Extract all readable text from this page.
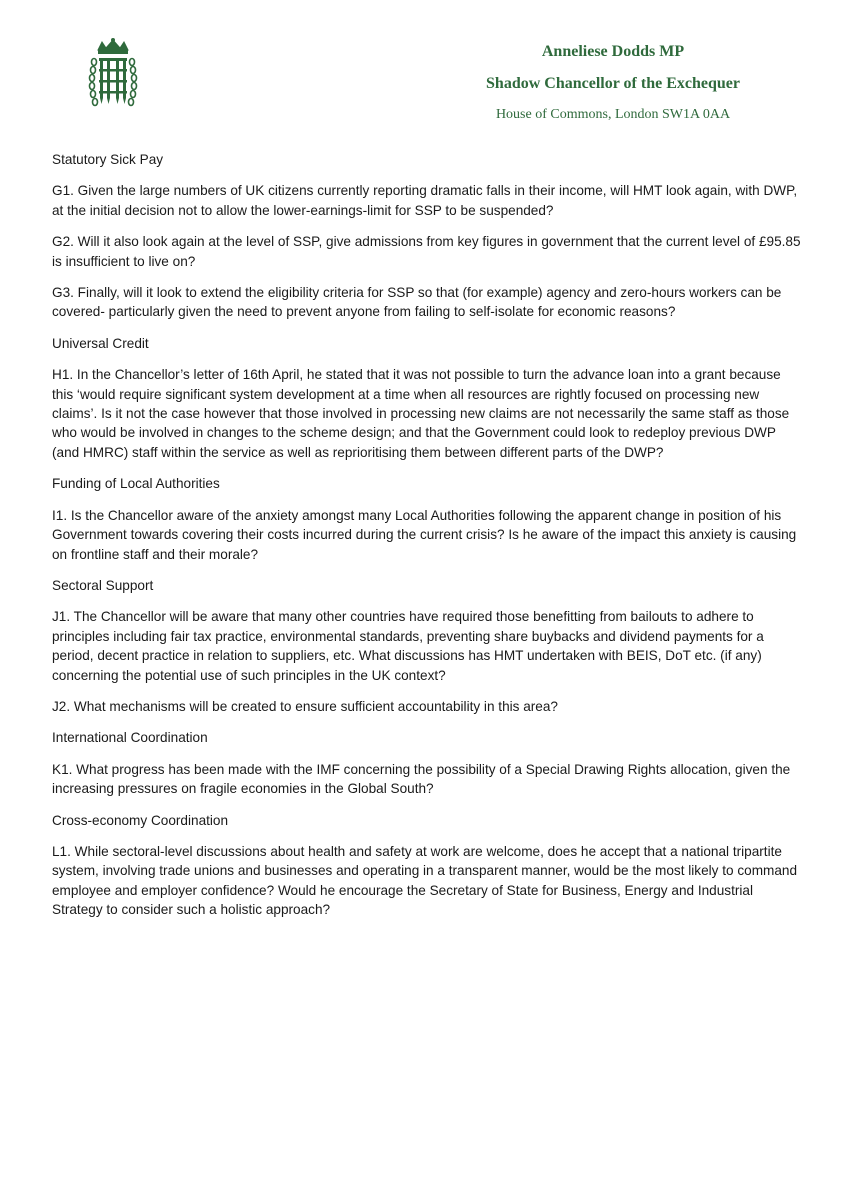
Anneliese Dodds MP

Shadow Chancellor of the Exchequer

House of Commons, London SW1A 0AA

Statutory Sick Pay

G1. Given the large numbers of UK citizens currently reporting dramatic falls in their income, will HMT look again, with DWP, at the initial decision not to allow the lower-earnings-limit for SSP to be suspended?

G2. Will it also look again at the level of SSP, give admissions from key figures in government that the current level of £95.85 is insufficient to live on?

G3. Finally, will it look to extend the eligibility criteria for SSP so that (for example) agency and zero-hours workers can be covered- particularly given the need to prevent anyone from failing to self-isolate for economic reasons?

Universal Credit

H1. In the Chancellor’s letter of 16th April, he stated that it was not possible to turn the advance loan into a grant because this ‘would require significant system development at a time when all resources are rightly focused on processing new claims’. Is it not the case however that those involved in processing new claims are not necessarily the same staff as those who would be involved in changes to the scheme design; and that the Government could look to redeploy previous DWP (and HMRC) staff within the service as well as reprioritising them between different parts of the DWP?

Funding of Local Authorities

I1. Is the Chancellor aware of the anxiety amongst many Local Authorities following the apparent change in position of his Government towards covering their costs incurred during the current crisis? Is he aware of the impact this anxiety is causing on frontline staff and their morale?

Sectoral Support

J1. The Chancellor will be aware that many other countries have required those benefitting from bailouts to adhere to principles including fair tax practice, environmental standards, preventing share buybacks and dividend payments for a period, decent practice in relation to suppliers, etc. What discussions has HMT undertaken with BEIS, DoT etc. (if any) concerning the potential use of such principles in the UK context?

J2. What mechanisms will be created to ensure sufficient accountability in this area?

International Coordination

K1. What progress has been made with the IMF concerning the possibility of a Special Drawing Rights allocation, given the increasing pressures on fragile economies in the Global South?

Cross-economy Coordination

L1. While sectoral-level discussions about health and safety at work are welcome, does he accept that a national tripartite system, involving trade unions and businesses and operating in a transparent manner, would be the most likely to command employee and employer confidence? Would he encourage the Secretary of State for Business, Energy and Industrial Strategy to consider such a holistic approach?
